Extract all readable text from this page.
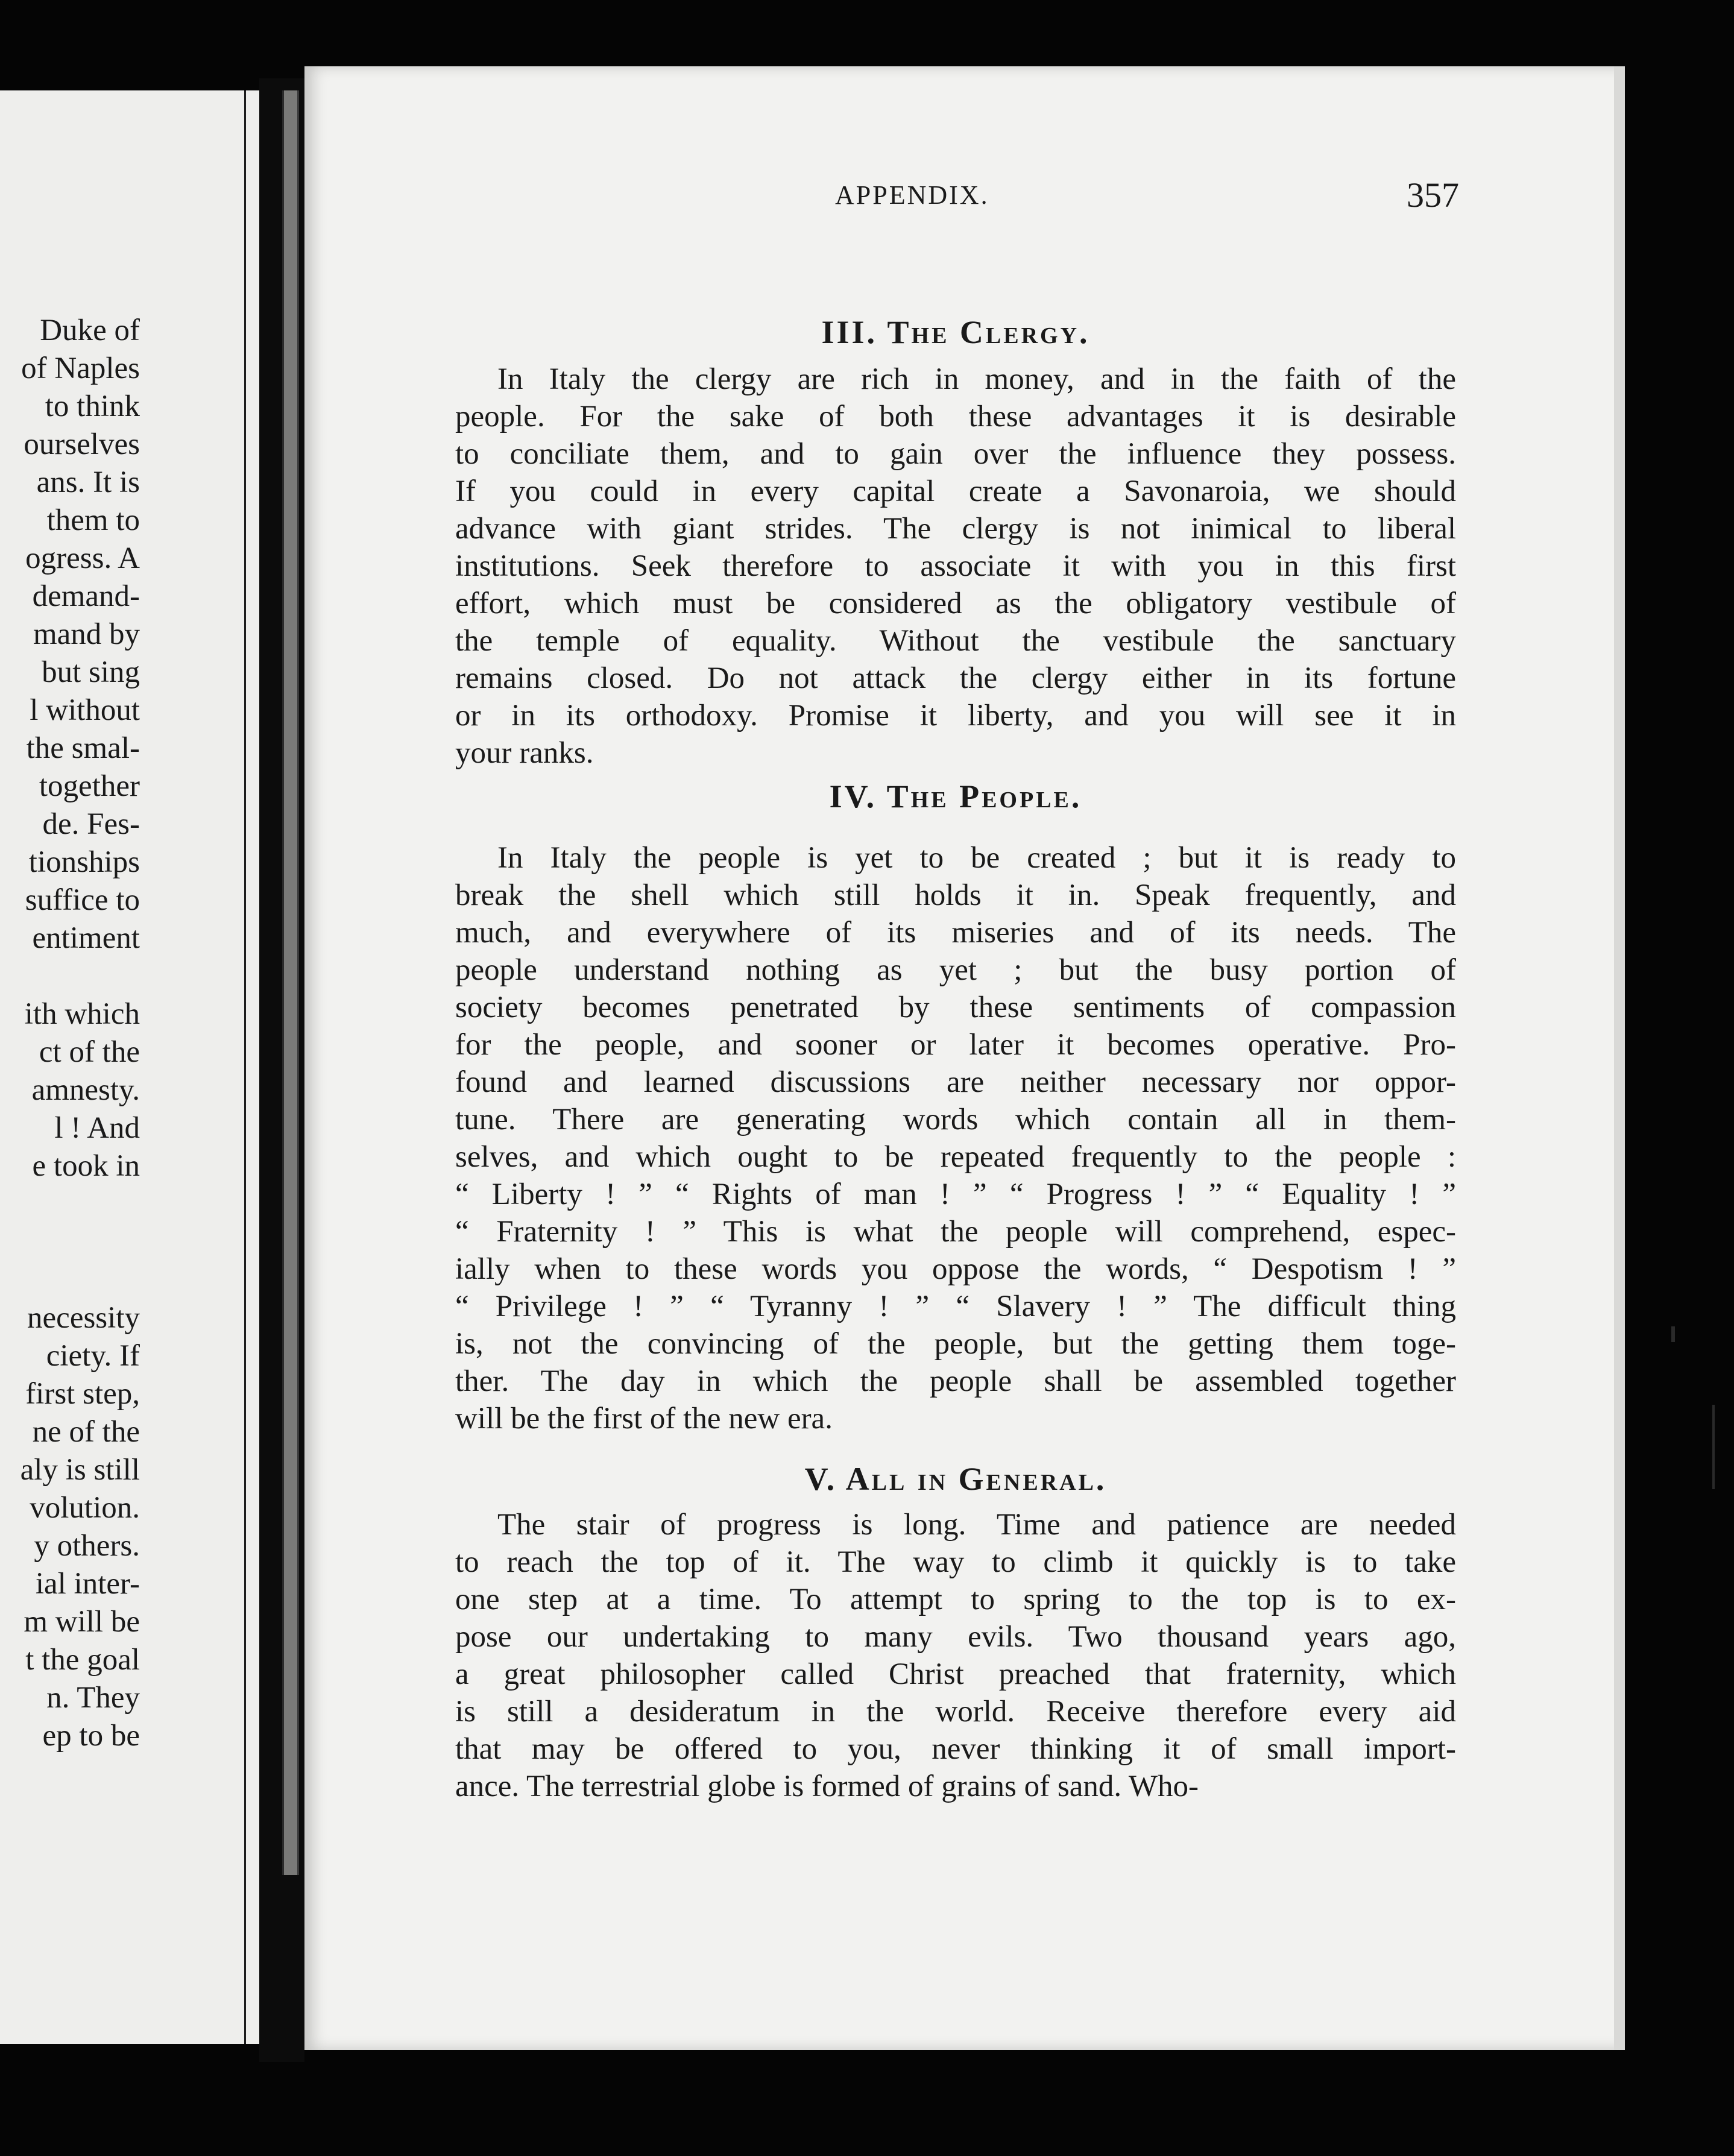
Duke of
of Naples
to think
ourselves
ans. It is
them to
ogress. A
demand-
mand by
but sing
l without
the smal-
together
de. Fes-
tionships
suffice to
entiment

ith which
ct of the
amnesty.
l ! And
e took in

necessity
ciety. If
first step,
ne of the
aly is still
volution.
y others.
ial inter-
m will be
t the goal
n. They
ep to be
APPENDIX.	357
III. The Clergy.
In Italy the clergy are rich in money, and in the faith of the
people. For the sake of both these advantages it is desirable
to conciliate them, and to gain over the influence they possess.
If you could in every capital create a Savonaroia, we should
advance with giant strides. The clergy is not inimical to liberal
institutions. Seek therefore to associate it with you in this first
effort, which must be considered as the obligatory vestibule of
the temple of equality. Without the vestibule the sanctuary
remains closed. Do not attack the clergy either in its fortune
or in its orthodoxy. Promise it liberty, and you will see it in
your ranks.
IV. The People.
In Italy the people is yet to be created ; but it is ready to
break the shell which still holds it in. Speak frequently, and
much, and everywhere of its miseries and of its needs. The
people understand nothing as yet ; but the busy portion of
society becomes penetrated by these sentiments of compassion
for the people, and sooner or later it becomes operative. Pro-
found and learned discussions are neither necessary nor oppor-
tune. There are generating words which contain all in them-
selves, and which ought to be repeated frequently to the people :
“ Liberty ! ” “ Rights of man ! ” “ Progress ! ” “ Equality ! ”
“ Fraternity ! ” This is what the people will comprehend, espec-
ially when to these words you oppose the words, “ Despotism ! ”
“ Privilege ! ” “ Tyranny ! ” “ Slavery ! ” The difficult thing
is, not the convincing of the people, but the getting them toge-
ther. The day in which the people shall be assembled together
will be the first of the new era.
V. All in General.
The stair of progress is long. Time and patience are needed
to reach the top of it. The way to climb it quickly is to take
one step at a time. To attempt to spring to the top is to ex-
pose our undertaking to many evils. Two thousand years ago,
a great philosopher called Christ preached that fraternity, which
is still a desideratum in the world. Receive therefore every aid
that may be offered to you, never thinking it of small import-
ance. The terrestrial globe is formed of grains of sand. Who-
